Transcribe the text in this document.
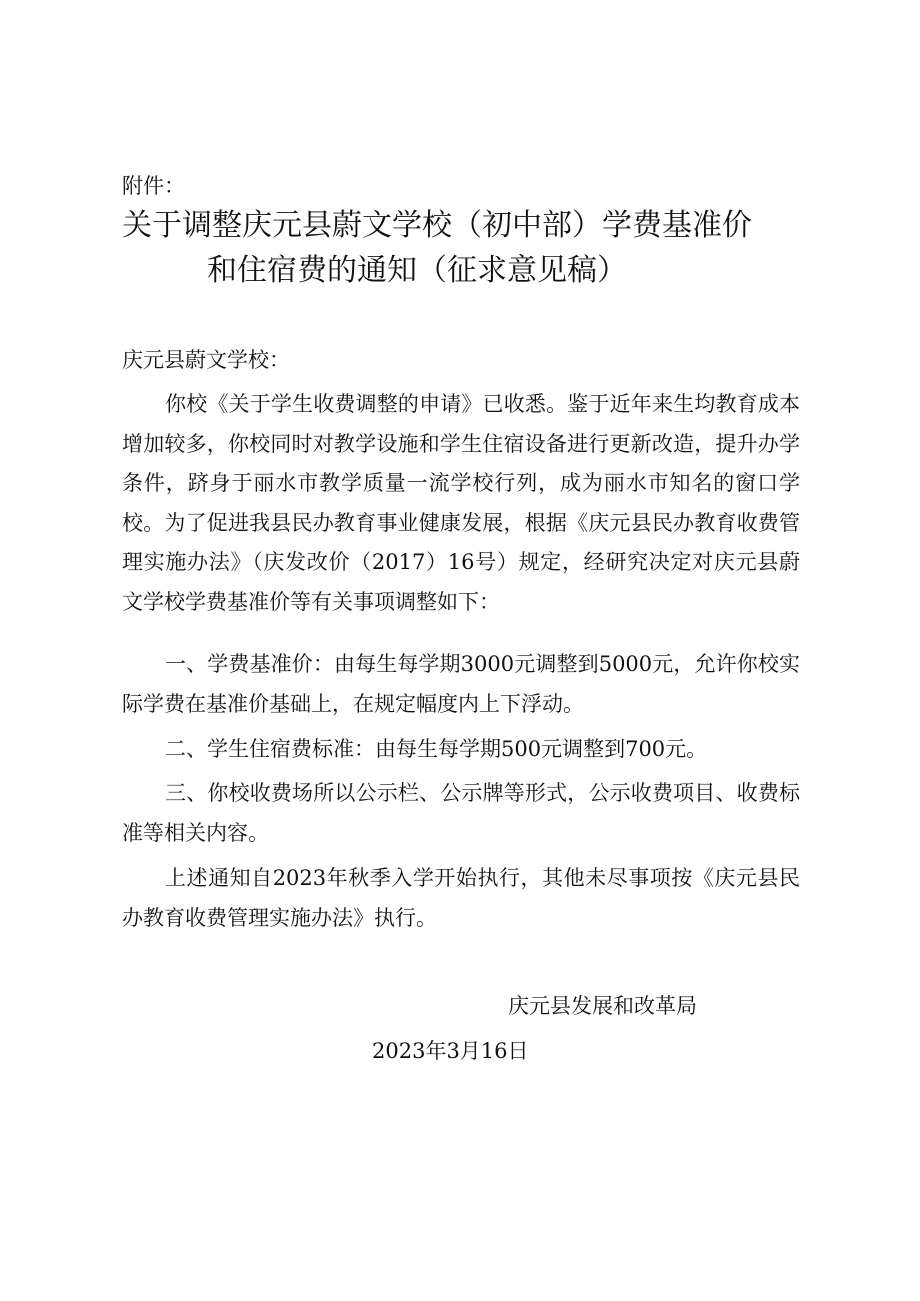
附件：
关于调整庆元县蔚文学校（初中部）学费基准价
和住宿费的通知（征求意见稿）
庆元县蔚文学校：
你校《关于学生收费调整的申请》已收悉。鉴于近年来生均教育成本增加较多，你校同时对教学设施和学生住宿设备进行更新改造，提升办学条件，跻身于丽水市教学质量一流学校行列，成为丽水市知名的窗口学校。为了促进我县民办教育事业健康发展，根据《庆元县民办教育收费管理实施办法》（庆发改价（2017）16号）规定，经研究决定对庆元县蔚文学校学费基准价等有关事项调整如下：
一、学费基准价：由每生每学期3000元调整到5000元，允许你校实际学费在基准价基础上，在规定幅度内上下浮动。
二、学生住宿费标准：由每生每学期500元调整到700元。
三、你校收费场所以公示栏、公示牌等形式，公示收费项目、收费标准等相关内容。
上述通知自2023年秋季入学开始执行，其他未尽事项按《庆元县民办教育收费管理实施办法》执行。
庆元县发展和改革局
2023年3月16日
